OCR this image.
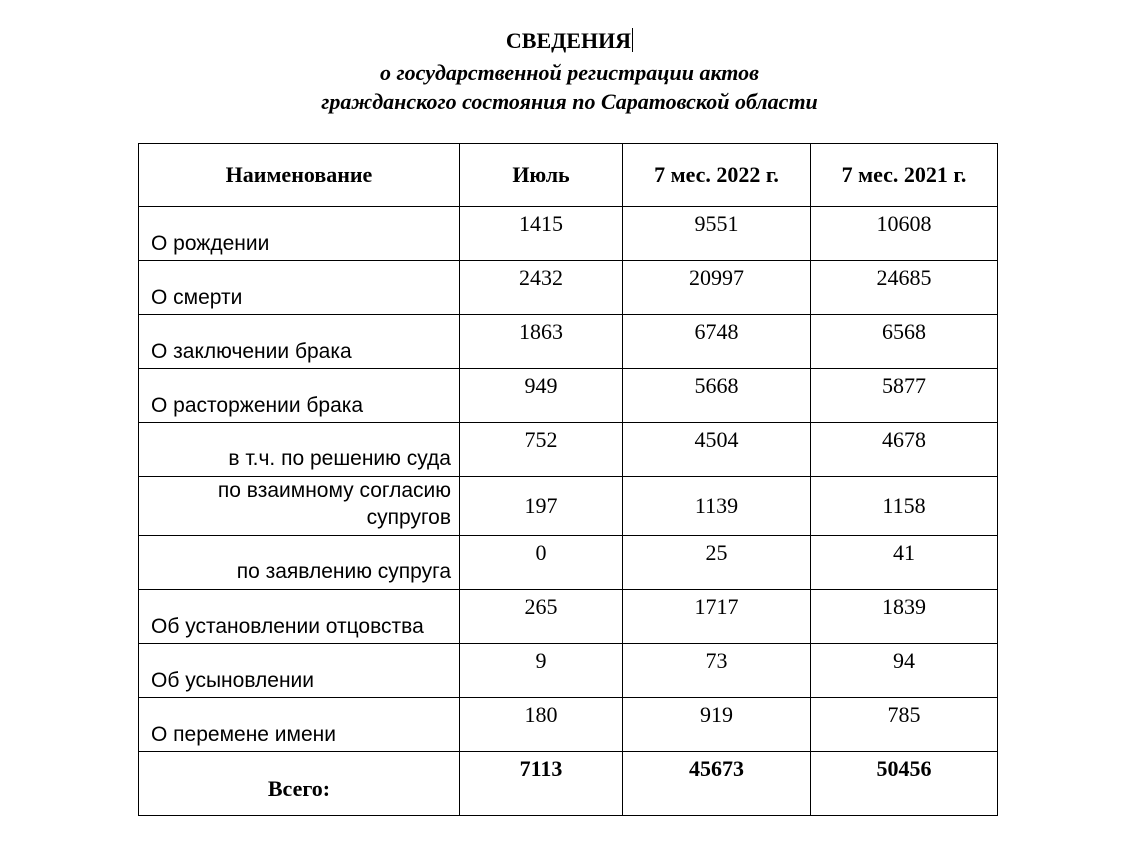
СВЕДЕНИЯ
о государственной регистрации актов
гражданского состояния по Саратовской области
Наименование	Июль	7 мес. 2022 г.	7 мес. 2021 г.
О рождении	1415	9551	10608
О смерти	2432	20997	24685
О заключении брака	1863	6748	6568
О расторжении брака	949	5668	5877
в т.ч. по решению суда	752	4504	4678
по взаимному согласию супругов	197	1139	1158
по заявлению супруга	0	25	41
Об установлении отцовства	265	1717	1839
Об усыновлении	9	73	94
О перемене имени	180	919	785
Всего:	7113	45673	50456
